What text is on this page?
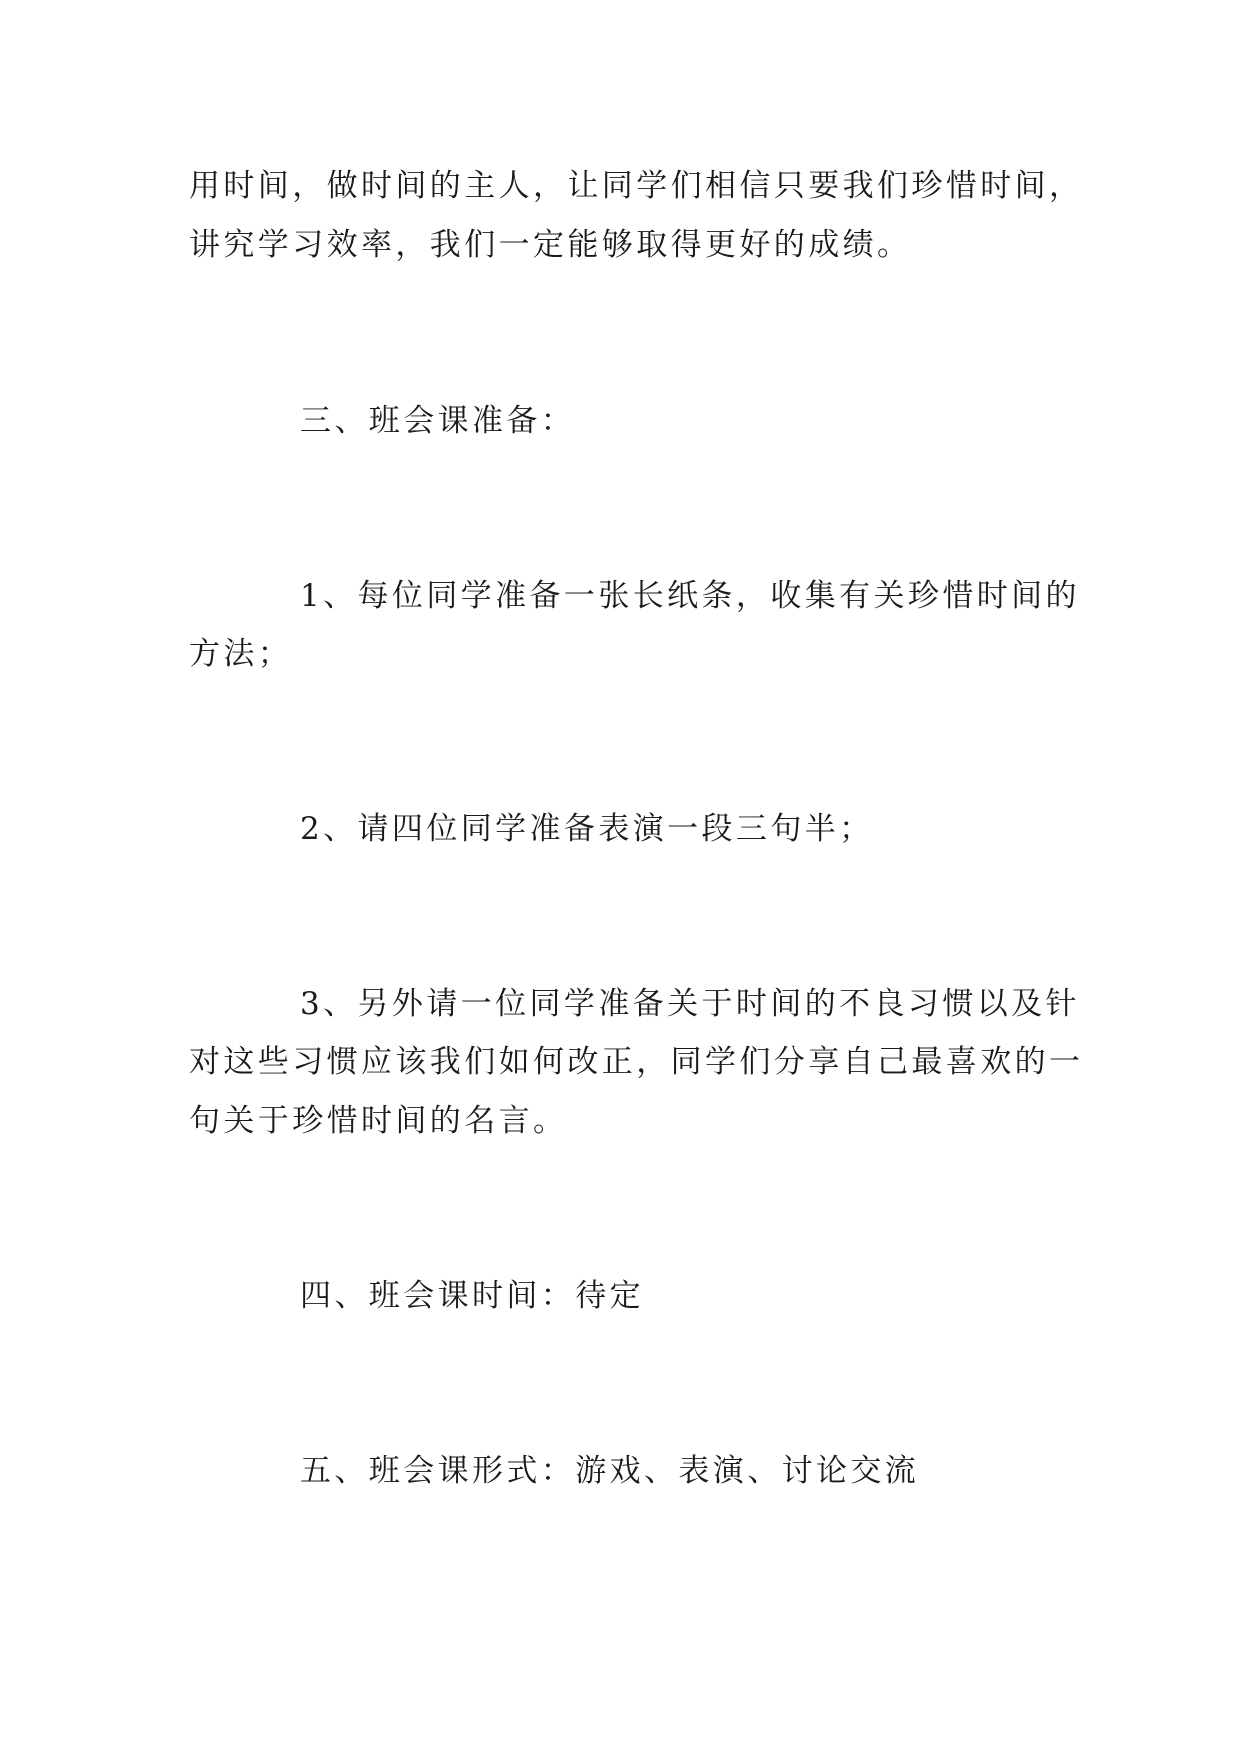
用时间，做时间的主人，让同学们相信只要我们珍惜时间，

讲究学习效率，我们一定能够取得更好的成绩。

三、班会课准备：

1、每位同学准备一张长纸条，收集有关珍惜时间的

方法；

2、请四位同学准备表演一段三句半；

3、另外请一位同学准备关于时间的不良习惯以及针

对这些习惯应该我们如何改正，同学们分享自己最喜欢的一

句关于珍惜时间的名言。

四、班会课时间：待定

五、班会课形式：游戏、表演、讨论交流
